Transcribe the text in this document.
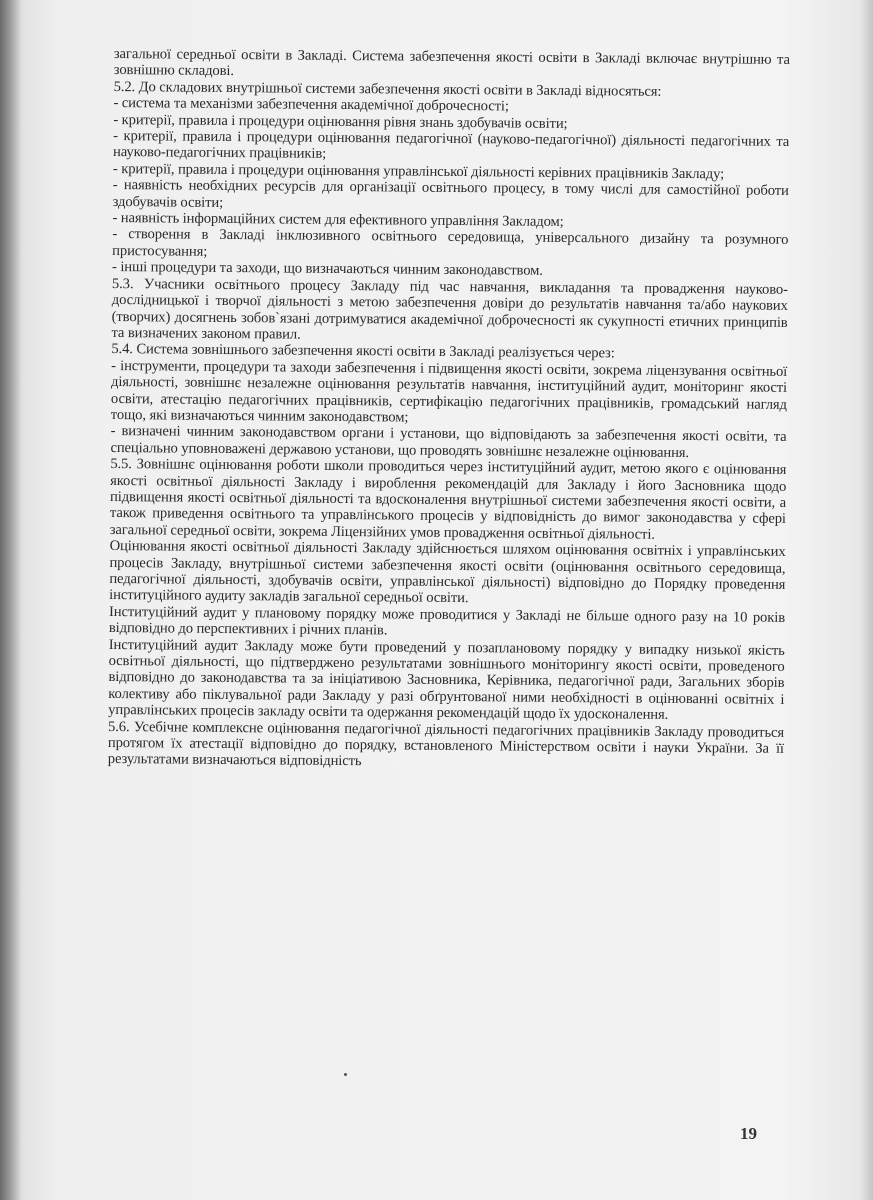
загальної середньої освіти в Закладі. Система забезпечення якості освіти в Закладі включає внутрішню та зовнішню складові.

5.2. До складових внутрішньої системи забезпечення якості освіти в Закладі відносяться:

- система та механізми забезпечення академічної доброчесності;

- критерії, правила і процедури оцінювання рівня знань здобувачів освіти;

- критерії, правила і процедури оцінювання педагогічної (науково-педагогічної) діяльності педагогічних та науково-педагогічних працівників;

- критерії, правила і процедури оцінювання управлінської діяльності керівних працівників Закладу;

- наявність необхідних ресурсів для організації освітнього процесу, в тому числі для самостійної роботи здобувачів освіти;

- наявність інформаційних систем для ефективного управління Закладом;

- створення в Закладі інклюзивного освітнього середовища, універсального дизайну та розумного пристосування;

- інші процедури та заходи, що визначаються чинним законодавством.

5.3. Учасники освітнього процесу Закладу під час навчання, викладання та провадження науково-дослідницької і творчої діяльності з метою забезпечення довіри до результатів навчання та/або наукових (творчих) досягнень зобов`язані дотримуватися академічної доброчесності як сукупності етичних принципів та визначених законом правил.

5.4. Система зовнішнього забезпечення якості освіти в Закладі реалізується через:

- інструменти, процедури та заходи забезпечення і підвищення якості освіти, зокрема ліцензування освітньої діяльності, зовнішнє незалежне оцінювання результатів навчання, інституційний аудит, моніторинг якості освіти, атестацію педагогічних працівників, сертифікацію педагогічних працівників, громадський нагляд тощо, які визначаються чинним законодавством;

- визначені чинним законодавством органи і установи, що відповідають за забезпечення якості освіти, та спеціально уповноважені державою установи, що проводять зовнішнє незалежне оцінювання.

5.5. Зовнішнє оцінювання роботи школи проводиться через інституційний аудит, метою якого є оцінювання якості освітньої діяльності Закладу і вироблення рекомендацій для Закладу і його Засновника щодо підвищення якості освітньої діяльності та вдосконалення внутрішньої системи забезпечення якості освіти, а також приведення освітнього та управлінського процесів у відповідність до вимог законодавства у сфері загальної середньої освіти, зокрема Ліцензійних умов провадження освітньої діяльності.

Оцінювання якості освітньої діяльності Закладу здійснюється шляхом оцінювання освітніх і управлінських процесів Закладу, внутрішньої системи забезпечення якості освіти (оцінювання освітнього середовища, педагогічної діяльності, здобувачів освіти, управлінської діяльності) відповідно до Порядку проведення інституційного аудиту закладів загальної середньої освіти.

Інституційний аудит у плановому порядку може проводитися у Закладі не більше одного разу на 10 років відповідно до перспективних і річних планів.

Інституційний аудит Закладу може бути проведений у позаплановому порядку у випадку низької якість освітньої діяльності, що підтверджено результатами зовнішнього моніторингу якості освіти, проведеного відповідно до законодавства та за ініціативою Засновника, Керівника, педагогічної ради, Загальних зборів колективу або піклувальної ради Закладу у разі обґрунтованої ними необхідності в оцінюванні освітніх і управлінських процесів закладу освіти та одержання рекомендацій щодо їх удосконалення.

5.6. Усебічне комплексне оцінювання педагогічної діяльності педагогічних працівників Закладу проводиться протягом їх атестації відповідно до порядку, встановленого Міністерством освіти і науки України. За її результатами визначаються відповідність

19
